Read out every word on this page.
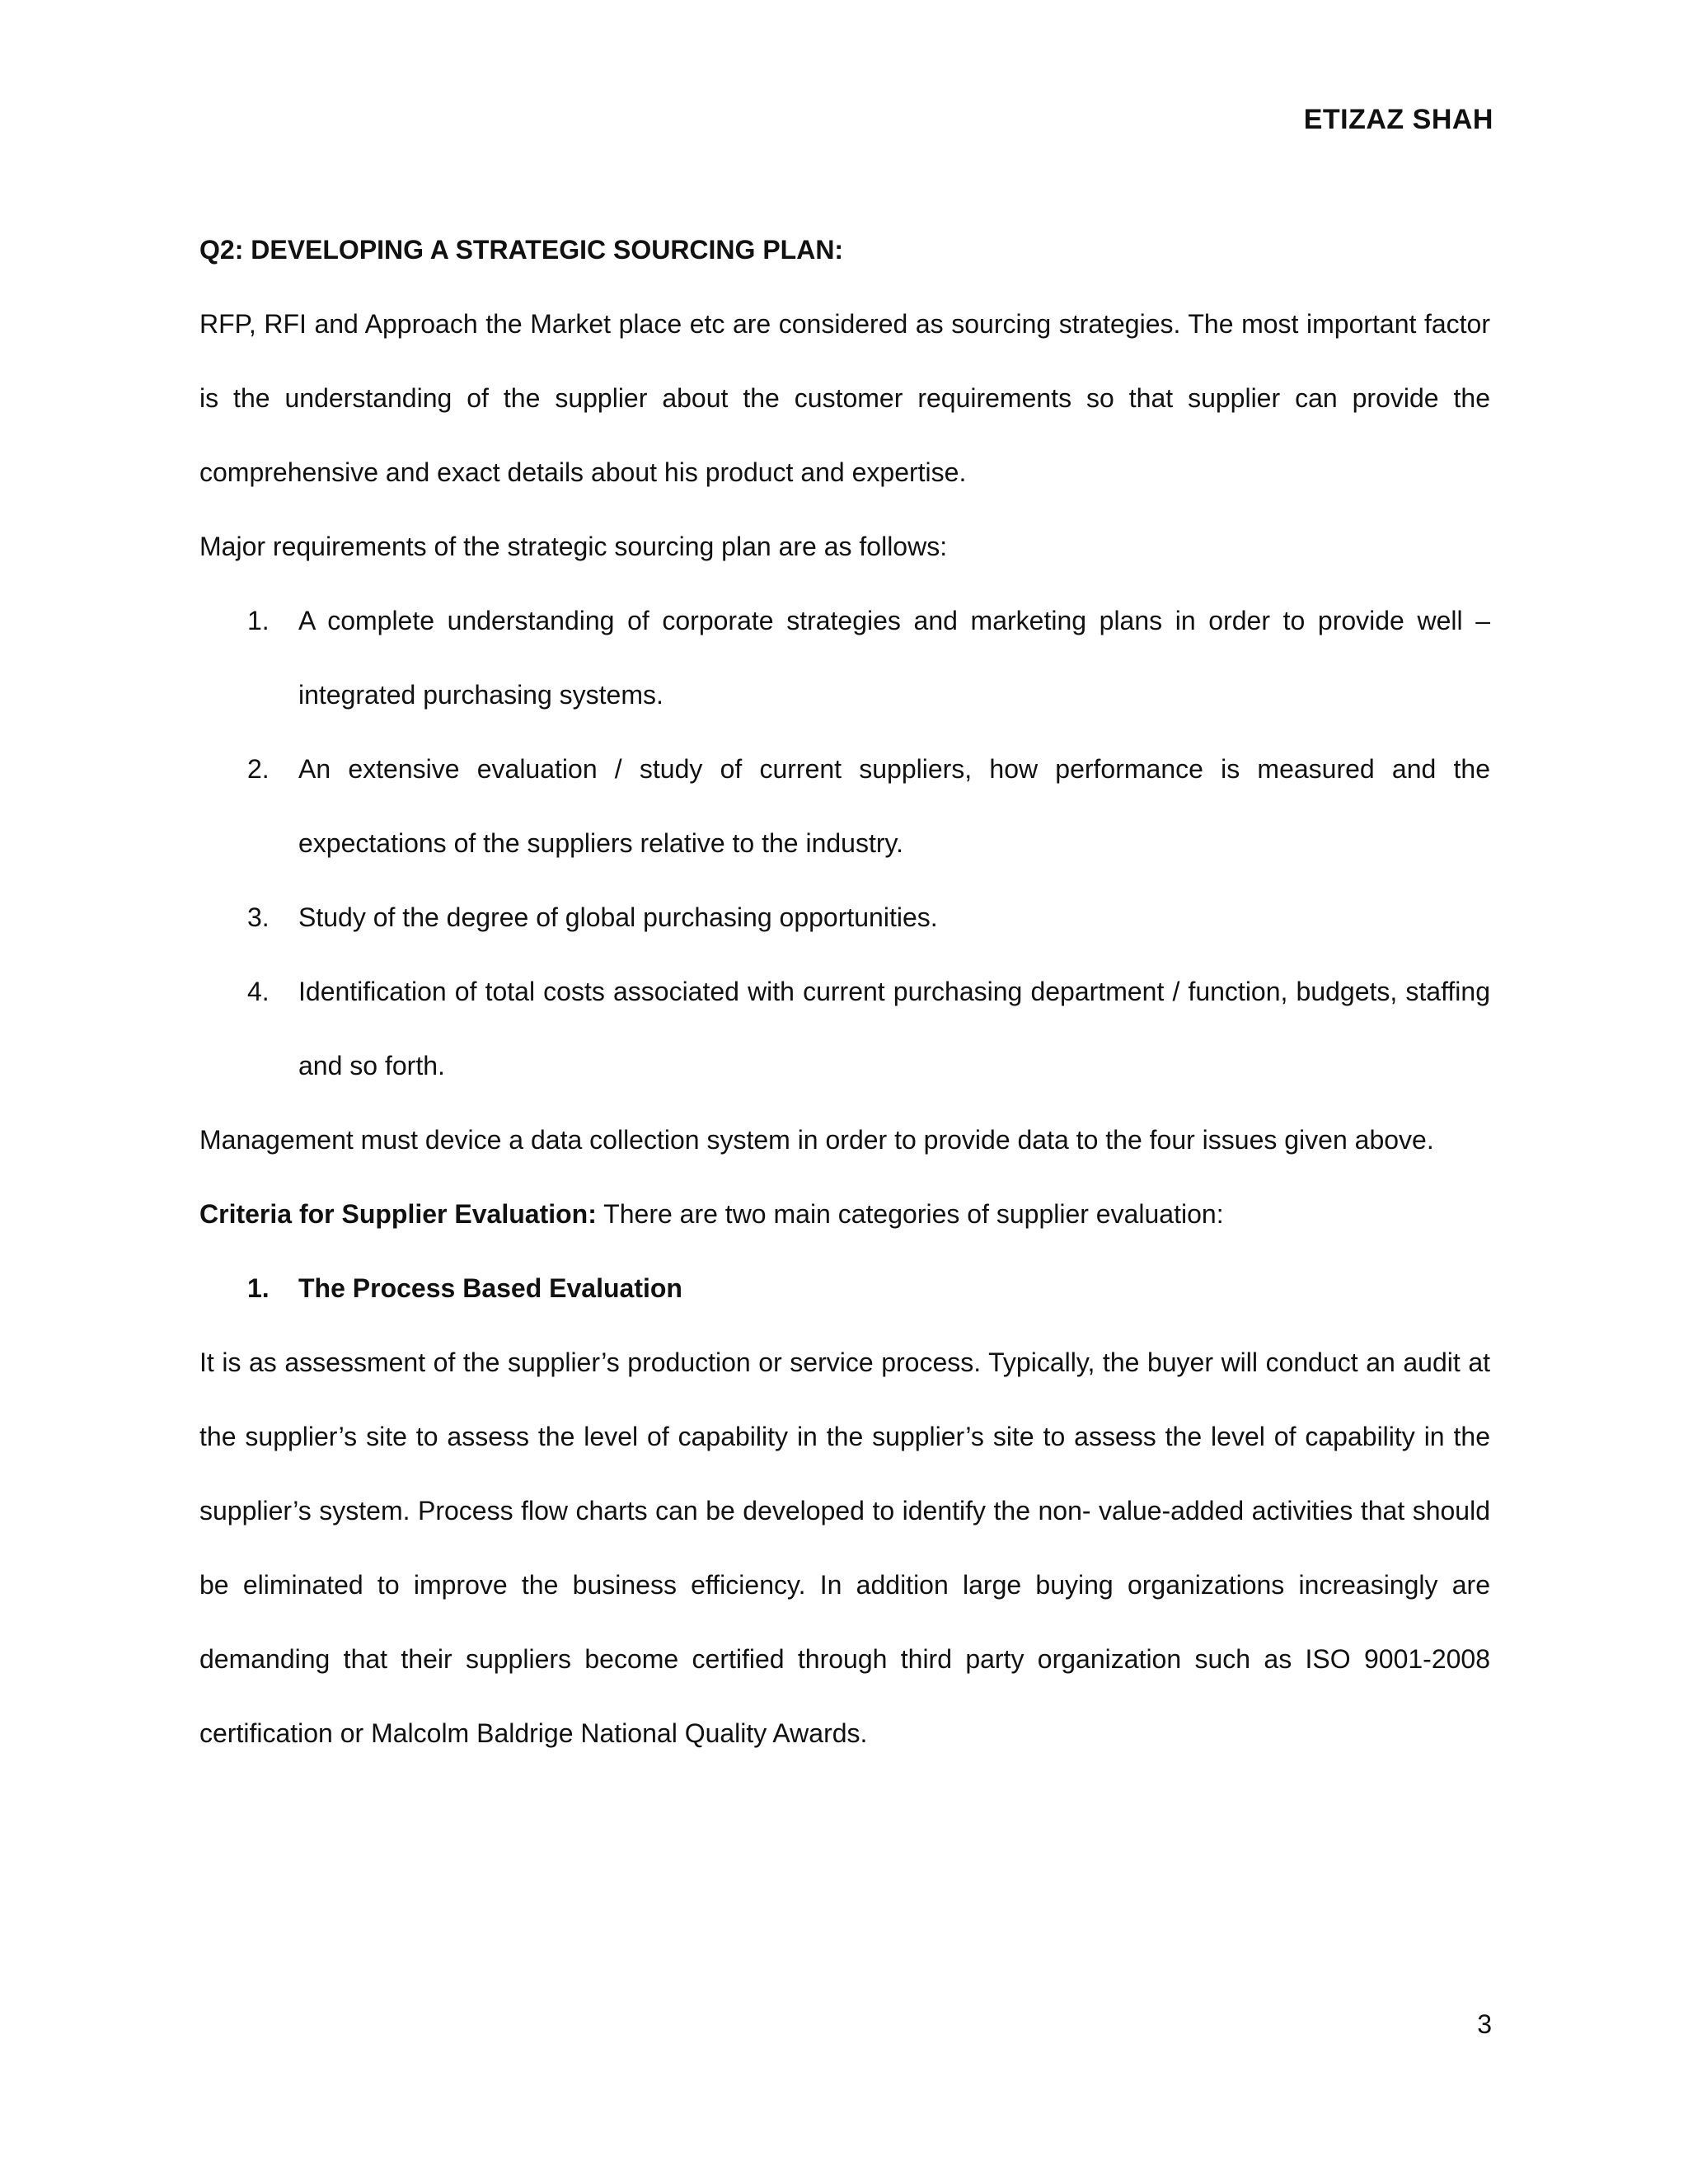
ETIZAZ SHAH

Q2: DEVELOPING A STRATEGIC SOURCING PLAN:

RFP, RFI and Approach the Market place etc are considered as sourcing strategies. The most important factor is the understanding of the supplier about the customer requirements so that supplier can provide the comprehensive and exact details about his product and expertise.

Major requirements of the strategic sourcing plan are as follows:

1. A complete understanding of corporate strategies and marketing plans in order to provide well – integrated purchasing systems.
2. An extensive evaluation / study of current suppliers, how performance is measured and the expectations of the suppliers relative to the industry.
3. Study of the degree of global purchasing opportunities.
4. Identification of total costs associated with current purchasing department / function, budgets, staffing and so forth.

Management must device a data collection system in order to provide data to the four issues given above.

Criteria for Supplier Evaluation: There are two main categories of supplier evaluation:

1. The Process Based Evaluation

It is as assessment of the supplier’s production or service process. Typically, the buyer will conduct an audit at the supplier’s site to assess the level of capability in the supplier’s site to assess the level of capability in the supplier’s system. Process flow charts can be developed to identify the non- value-added activities that should be eliminated to improve the business efficiency. In addition large buying organizations increasingly are demanding that their suppliers become certified through third party organization such as ISO 9001-2008 certification or Malcolm Baldrige National Quality Awards.

3
